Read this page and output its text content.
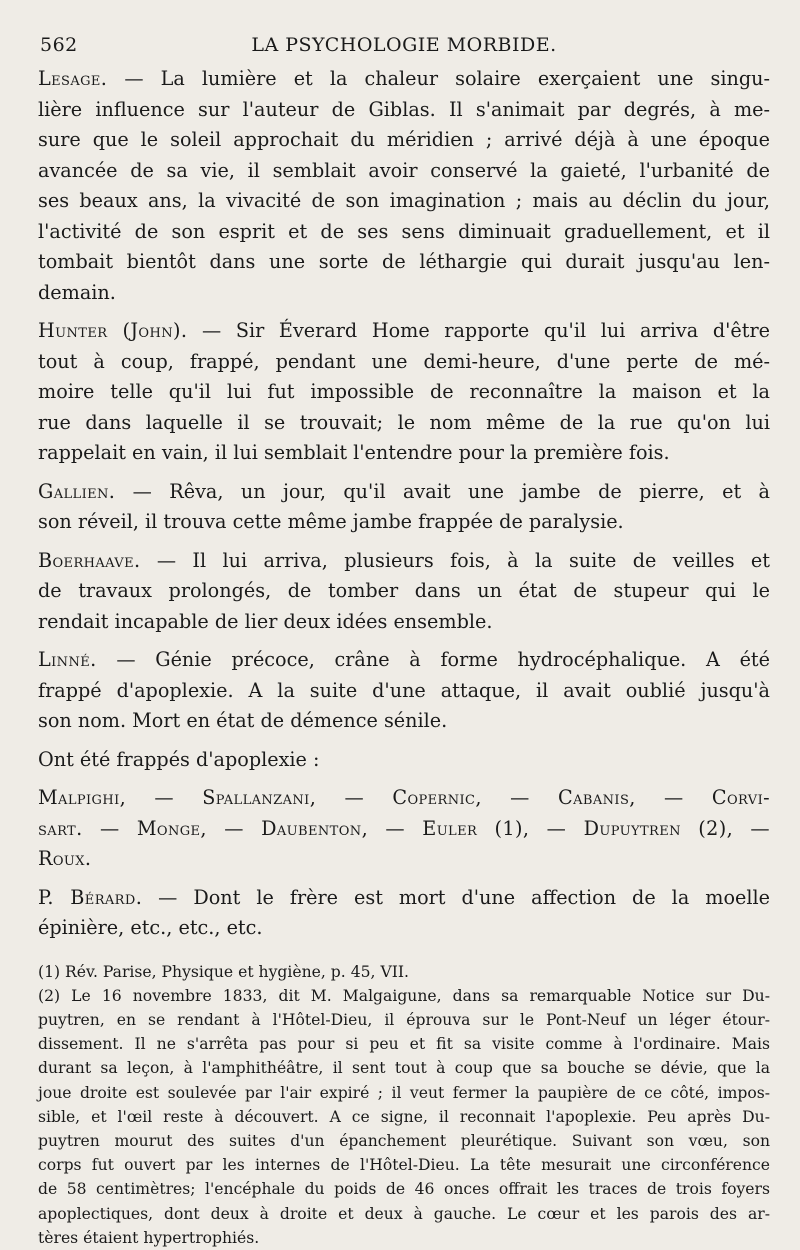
562	LA PSYCHOLOGIE MORBIDE.
Lesage. — La lumière et la chaleur solaire exerçaient une singu-
lière influence sur l'auteur de Giblas. Il s'animait par degrés, à me-
sure que le soleil approchait du méridien ; arrivé déjà à une époque
avancée de sa vie, il semblait avoir conservé la gaieté, l'urbanité de
ses beaux ans, la vivacité de son imagination ; mais au déclin du jour,
l'activité de son esprit et de ses sens diminuait graduellement, et il
tombait bientôt dans une sorte de léthargie qui durait jusqu'au len-
demain.
Hunter (John). — Sir Éverard Home rapporte qu'il lui arriva d'être
tout à coup, frappé, pendant une demi-heure, d'une perte de mé-
moire telle qu'il lui fut impossible de reconnaître la maison et la
rue dans laquelle il se trouvait; le nom même de la rue qu'on lui
rappelait en vain, il lui semblait l'entendre pour la première fois.
Gallien. — Rêva, un jour, qu'il avait une jambe de pierre, et à
son réveil, il trouva cette même jambe frappée de paralysie.
Boerhaave. — Il lui arriva, plusieurs fois, à la suite de veilles et
de travaux prolongés, de tomber dans un état de stupeur qui le
rendait incapable de lier deux idées ensemble.
Linné. — Génie précoce, crâne à forme hydrocéphalique. A été
frappé d'apoplexie. A la suite d'une attaque, il avait oublié jusqu'à
son nom. Mort en état de démence sénile.
Ont été frappés d'apoplexie :
Malpighi, — Spallanzani, — Copernic, — Cabanis, — Corvi-
sart. — Monge, — Daubenton, — Euler (1), — Dupuytren (2), —
Roux.
P. Bérard. — Dont le frère est mort d'une affection de la moelle
épinière, etc., etc., etc.
(1) Rév. Parise, Physique et hygiène, p. 45, VII.
(2) Le 16 novembre 1833, dit M. Malgaigune, dans sa remarquable Notice sur Du-
puytren, en se rendant à l'Hôtel-Dieu, il éprouva sur le Pont-Neuf un léger étour-
dissement. Il ne s'arrêta pas pour si peu et fit sa visite comme à l'ordinaire. Mais
durant sa leçon, à l'amphithéâtre, il sent tout à coup que sa bouche se dévie, que la
joue droite est soulevée par l'air expiré ; il veut fermer la paupière de ce côté, impos-
sible, et l'œil reste à découvert. A ce signe, il reconnait l'apoplexie. Peu après Du-
puytren mourut des suites d'un épanchement pleurétique. Suivant son vœu, son
corps fut ouvert par les internes de l'Hôtel-Dieu. La tête mesurait une circonférence
de 58 centimètres; l'encéphale du poids de 46 onces offrait les traces de trois foyers
apoplectiques, dont deux à droite et deux à gauche. Le cœur et les parois des ar-
tères étaient hypertrophiés.
